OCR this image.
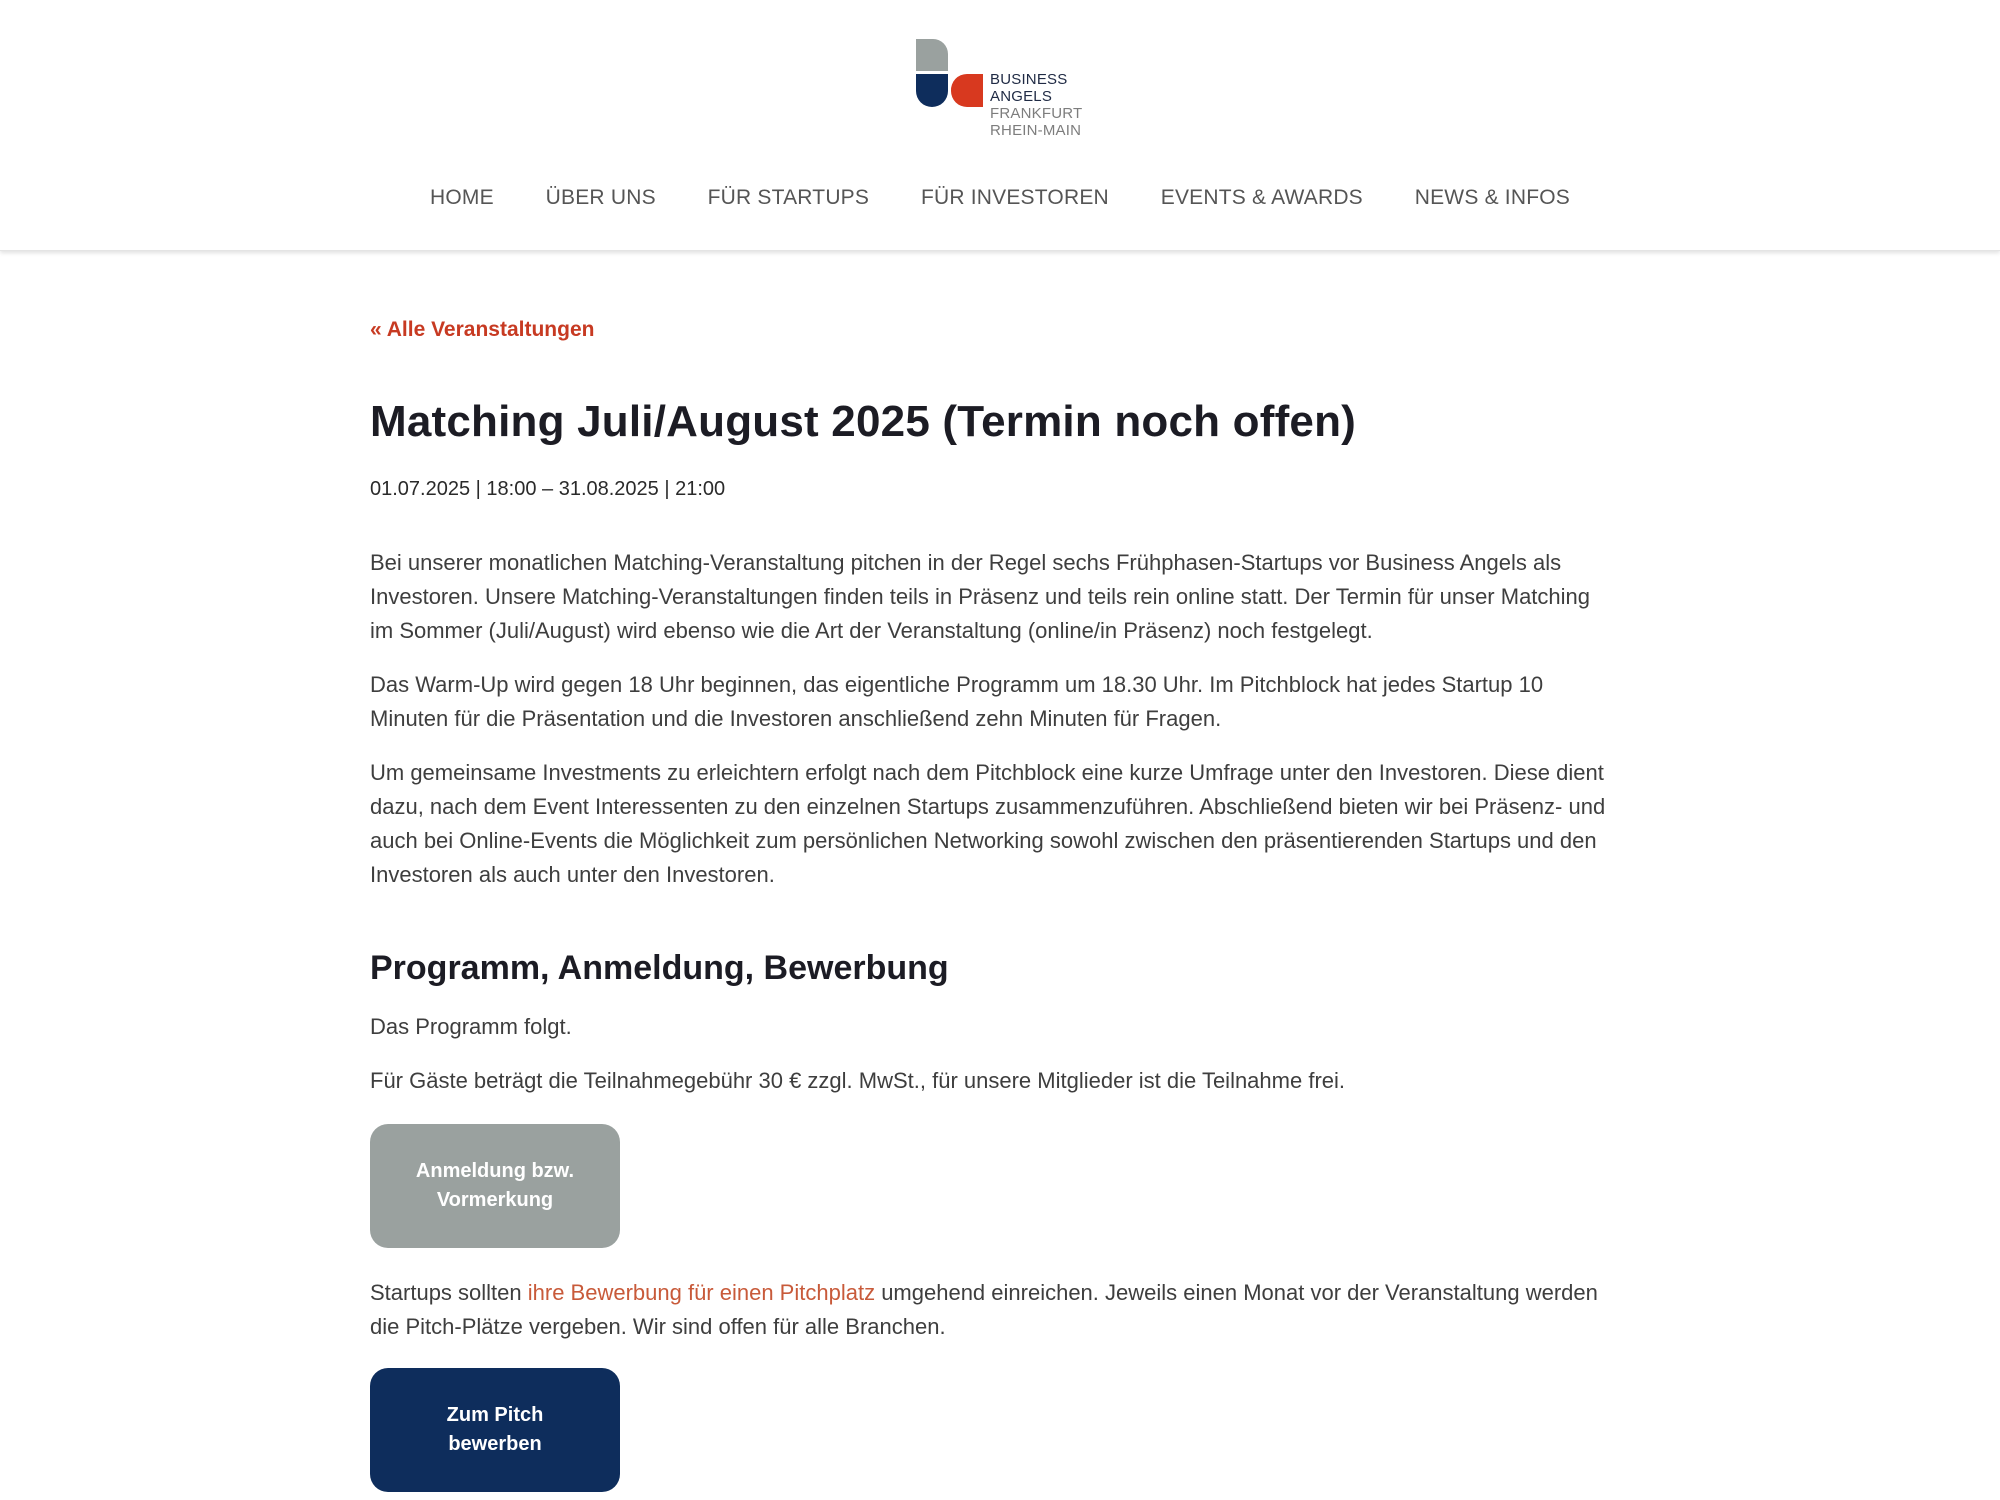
BUSINESS
ANGELS
FRANKFURT
RHEIN-MAIN
HOME ÜBER UNS FÜR STARTUPS FÜR INVESTOREN EVENTS & AWARDS NEWS & INFOS
« Alle Veranstaltungen
Matching Juli/August 2025 (Termin noch offen)
01.07.2025 | 18:00 – 31.08.2025 | 21:00

Bei unserer monatlichen Matching-Veranstaltung pitchen in der Regel sechs Frühphasen-Startups vor Business Angels als Investoren. Unsere Matching-Veranstaltungen finden teils in Präsenz und teils rein online statt. Der Termin für unser Matching im Sommer (Juli/August) wird ebenso wie die Art der Veranstaltung (online/in Präsenz) noch festgelegt.

Das Warm-Up wird gegen 18 Uhr beginnen, das eigentliche Programm um 18.30 Uhr. Im Pitchblock hat jedes Startup 10 Minuten für die Präsentation und die Investoren anschließend zehn Minuten für Fragen.

Um gemeinsame Investments zu erleichtern erfolgt nach dem Pitchblock eine kurze Umfrage unter den Investoren. Diese dient dazu, nach dem Event Interessenten zu den einzelnen Startups zusammenzuführen. Abschließend bieten wir bei Präsenz- und auch bei Online-Events die Möglichkeit zum persönlichen Networking sowohl zwischen den präsentierenden Startups und den Investoren als auch unter den Investoren.

Programm, Anmeldung, Bewerbung

Das Programm folgt.

Für Gäste beträgt die Teilnahmegebühr 30 € zzgl. MwSt., für unsere Mitglieder ist die Teilnahme frei.

Anmeldung bzw. Vormerkung

Startups sollten ihre Bewerbung für einen Pitchplatz umgehend einreichen. Jeweils einen Monat vor der Veranstaltung werden die Pitch-Plätze vergeben. Wir sind offen für alle Branchen.

Zum Pitch bewerben
